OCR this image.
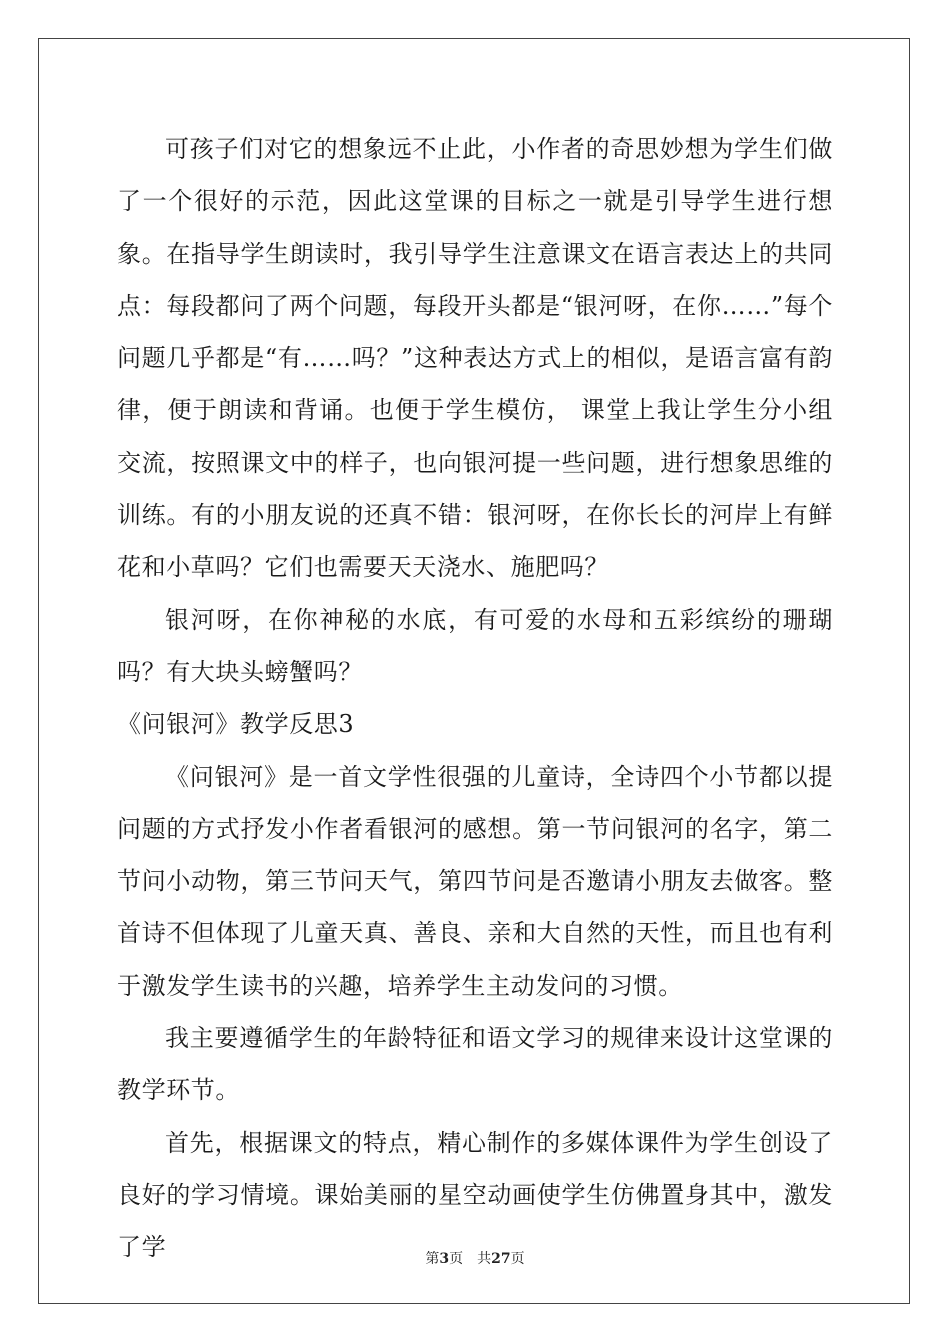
可孩子们对它的想象远不止此，小作者的奇思妙想为学生们做了一个很好的示范，因此这堂课的目标之一就是引导学生进行想象。在指导学生朗读时，我引导学生注意课文在语言表达上的共同点：每段都问了两个问题，每段开头都是“银河呀，在你……”每个问题几乎都是“有……吗？”这种表达方式上的相似，是语言富有韵律，便于朗读和背诵。也便于学生模仿， 课堂上我让学生分小组交流，按照课文中的样子，也向银河提一些问题，进行想象思维的训练。有的小朋友说的还真不错：银河呀，在你长长的河岸上有鲜花和小草吗？它们也需要天天浇水、施肥吗？

银河呀，在你神秘的水底，有可爱的水母和五彩缤纷的珊瑚吗？有大块头螃蟹吗？

《问银河》教学反思3

《问银河》是一首文学性很强的儿童诗，全诗四个小节都以提问题的方式抒发小作者看银河的感想。第一节问银河的名字，第二节问小动物，第三节问天气，第四节问是否邀请小朋友去做客。整首诗不但体现了儿童天真、善良、亲和大自然的天性，而且也有利于激发学生读书的兴趣，培养学生主动发问的习惯。

我主要遵循学生的年龄特征和语文学习的规律来设计这堂课的教学环节。

首先，根据课文的特点，精心制作的多媒体课件为学生创设了良好的学习情境。课始美丽的星空动画使学生仿佛置身其中，激发了学	第3页 共27页
